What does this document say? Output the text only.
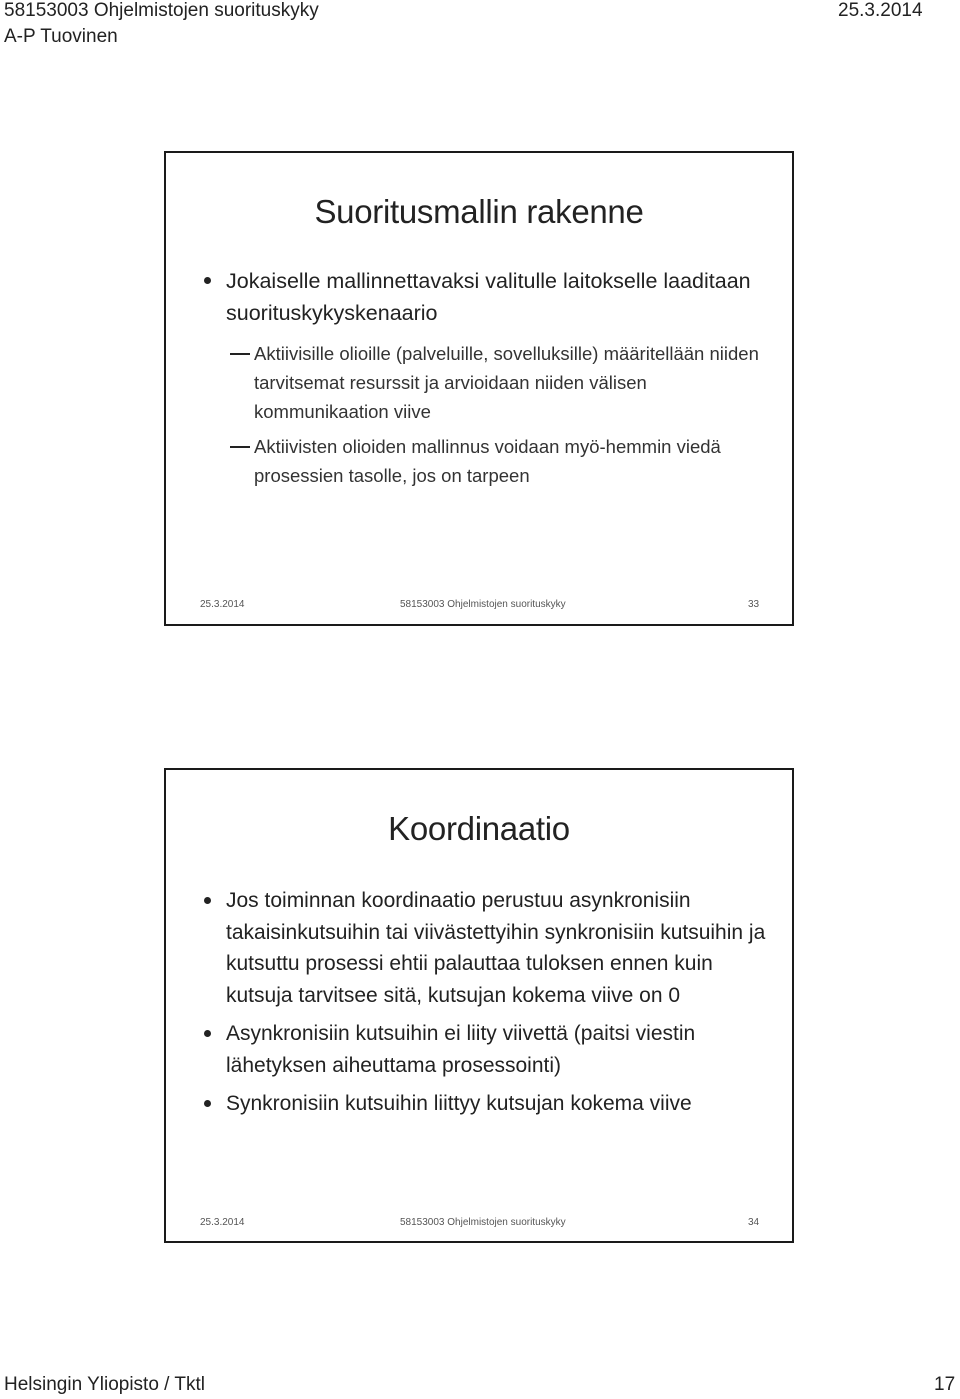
58153003 Ohjelmistojen suorituskyky	25.3.2014
A-P Tuovinen
Suoritusmallin rakenne
Jokaiselle mallinnettavaksi valitulle laitokselle laaditaan suorituskykyskenaario
Aktiivisille olioille (palveluille, sovelluksille) määritellään niiden tarvitsemat resurssit ja arvioidaan niiden välisen kommunikaation viive
Aktiivisten olioiden mallinnus voidaan myö-hemmin viedä prosessien tasolle, jos on tarpeen
25.3.2014	58153003 Ohjelmistojen suorituskyky	33
Koordinaatio
Jos toiminnan koordinaatio perustuu asynkronisiin takaisinkutsuihin tai viivästettyihin synkronisiin kutsuihin ja kutsuttu prosessi ehtii palauttaa tuloksen ennen kuin kutsuja tarvitsee sitä, kutsujan kokema viive on 0
Asynkronisiin kutsuihin ei liity viivettä (paitsi viestin lähetyksen aiheuttama prosessointi)
Synkronisiin kutsuihin liittyy kutsujan kokema viive
25.3.2014	58153003 Ohjelmistojen suorituskyky	34
Helsingin Yliopisto / Tktl	17
